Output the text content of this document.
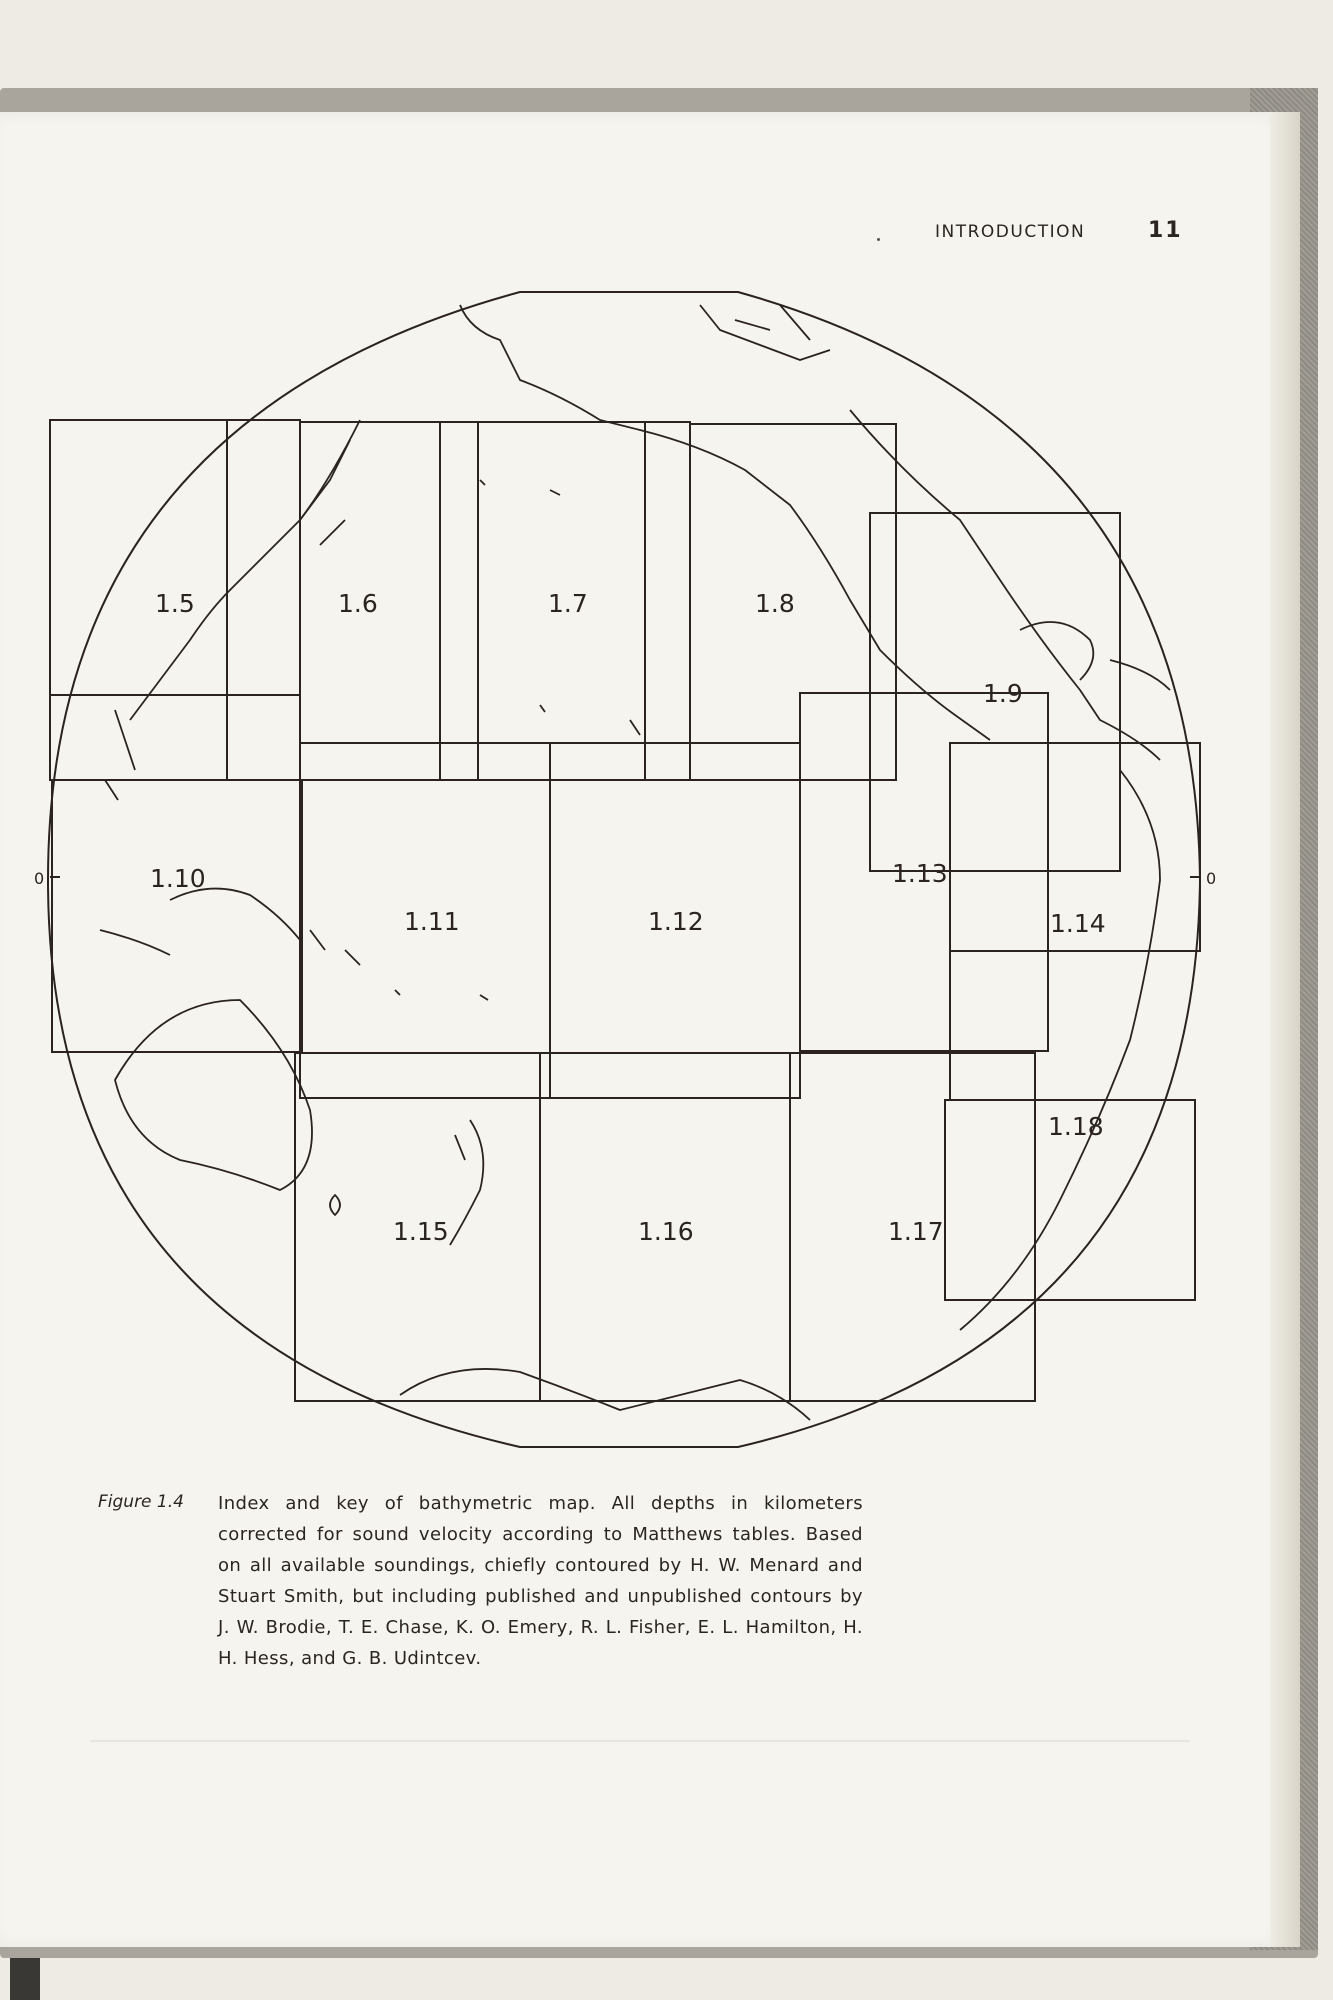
INTRODUCTION	11
1.5	1.6	1.7	1.8
1.9
1.10
1.11	1.12
1.13
1.14
1.15	1.16	1.17
1.18
0	0
Figure 1.4 Index and key of bathymetric map. All depths in kilometers corrected for sound velocity according to Matthews tables. Based on all available soundings, chiefly contoured by H. W. Menard and Stuart Smith, but including published and unpublished contours by J. W. Brodie, T. E. Chase, K. O. Emery, R. L. Fisher, E. L. Hamilton, H. H. Hess, and G. B. Udintcev.
